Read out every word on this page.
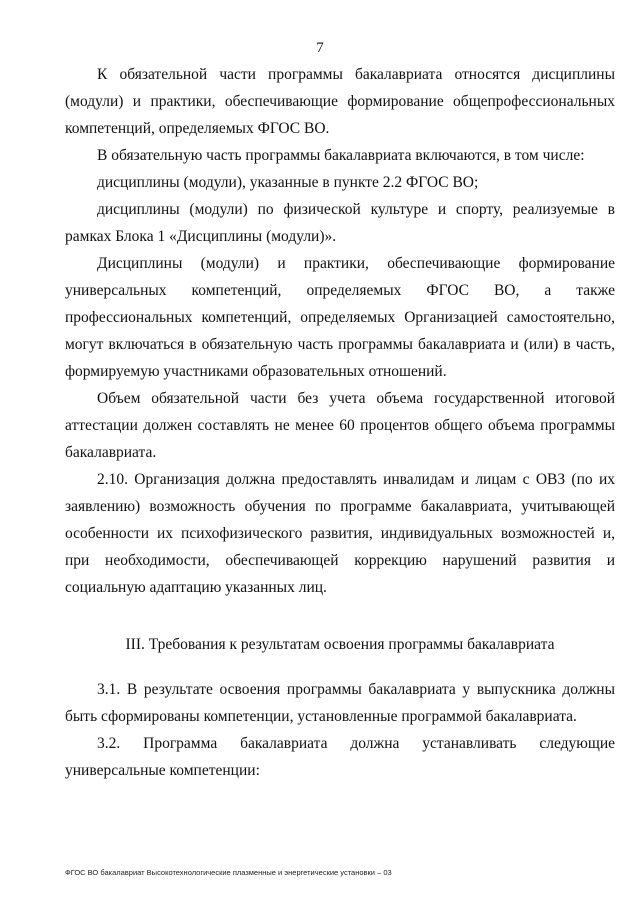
7

К обязательной части программы бакалавриата относятся дисциплины (модули) и практики, обеспечивающие формирование общепрофессиональных компетенций, определяемых ФГОС ВО.

В обязательную часть программы бакалавриата включаются, в том числе:

дисциплины (модули), указанные в пункте 2.2 ФГОС ВО;

дисциплины (модули) по физической культуре и спорту, реализуемые в рамках Блока 1 «Дисциплины (модули)».

Дисциплины (модули) и практики, обеспечивающие формирование универсальных компетенций, определяемых ФГОС ВО, а также профессиональных компетенций, определяемых Организацией самостоятельно, могут включаться в обязательную часть программы бакалавриата и (или) в часть, формируемую участниками образовательных отношений.

Объем обязательной части без учета объема государственной итоговой аттестации должен составлять не менее 60 процентов общего объема программы бакалавриата.

2.10. Организация должна предоставлять инвалидам и лицам с ОВЗ (по их заявлению) возможность обучения по программе бакалавриата, учитывающей особенности их психофизического развития, индивидуальных возможностей и, при необходимости, обеспечивающей коррекцию нарушений развития и социальную адаптацию указанных лиц.

III. Требования к результатам освоения программы бакалавриата

3.1. В результате освоения программы бакалавриата у выпускника должны быть сформированы компетенции, установленные программой бакалавриата.

3.2. Программа бакалавриата должна устанавливать следующие универсальные компетенции:

ФГОС ВО бакалавриат Высокотехнологические плазменные и энергетические установки – 03
